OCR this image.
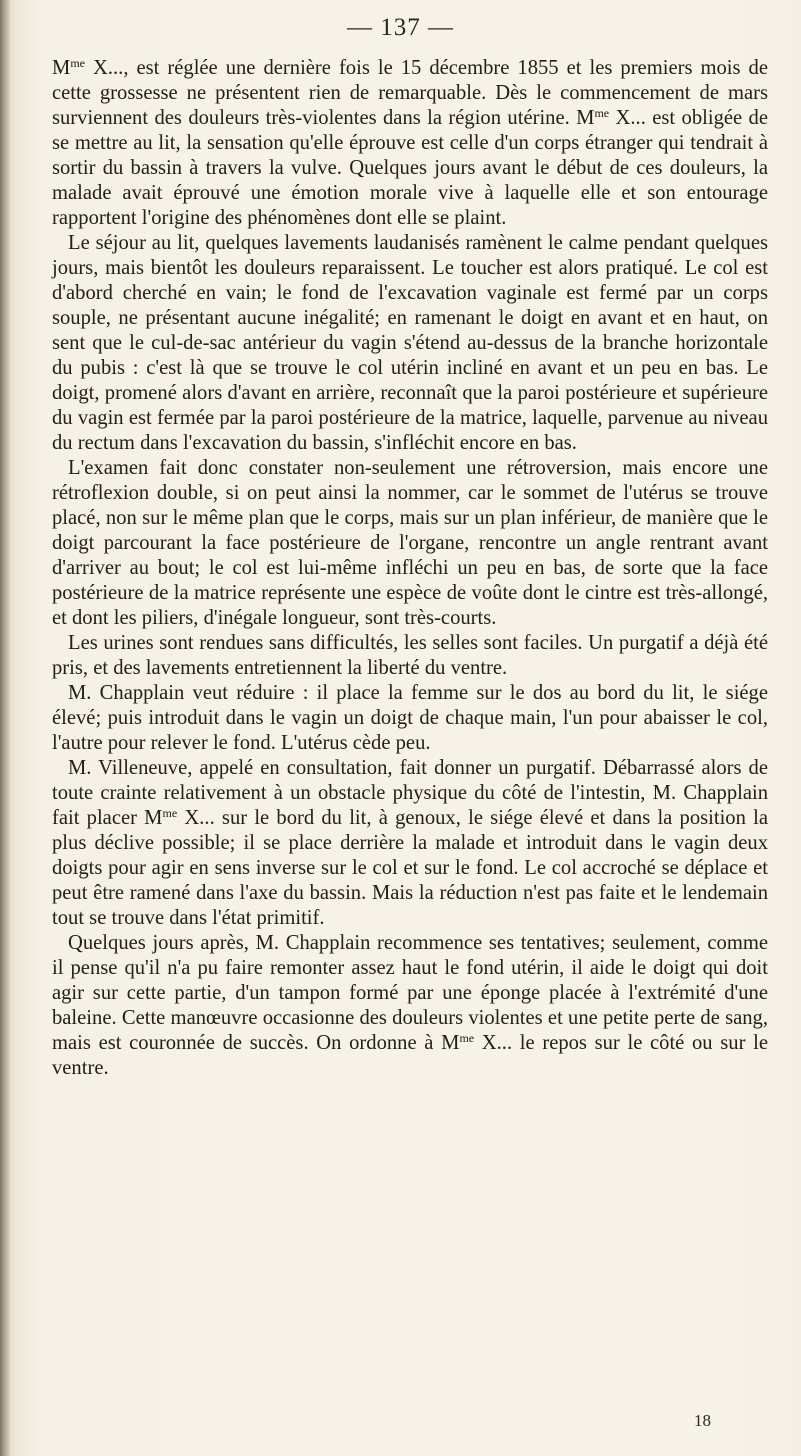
— 137 —

$M^{me}$ X..., est réglée une dernière fois le 15 décembre 1855 et les premiers mois de cette grossesse ne présentent rien de remarquable. Dès le commencement de mars surviennent des douleurs très-violentes dans la région utérine. $M^{me}$ X... est obligée de se mettre au lit, la sensation qu'elle éprouve est celle d'un corps étranger qui tendrait à sortir du bassin à travers la vulve. Quelques jours avant le début de ces douleurs, la malade avait éprouvé une émotion morale vive à laquelle elle et son entourage rapportent l'origine des phénomènes dont elle se plaint.

Le séjour au lit, quelques lavements laudanisés ramènent le calme pendant quelques jours, mais bientôt les douleurs reparaissent. Le toucher est alors pratiqué. Le col est d'abord cherché en vain; le fond de l'excavation vaginale est fermé par un corps souple, ne présentant aucune inégalité; en ramenant le doigt en avant et en haut, on sent que le cul-de-sac antérieur du vagin s'étend au-dessus de la branche horizontale du pubis : c'est là que se trouve le col utérin incliné en avant et un peu en bas. Le doigt, promené alors d'avant en arrière, reconnaît que la paroi postérieure et supérieure du vagin est fermée par la paroi postérieure de la matrice, laquelle, parvenue au niveau du rectum dans l'excavation du bassin, s'infléchit encore en bas.

L'examen fait donc constater non-seulement une rétroversion, mais encore une rétroflexion double, si on peut ainsi la nommer, car le sommet de l'utérus se trouve placé, non sur le même plan que le corps, mais sur un plan inférieur, de manière que le doigt parcourant la face postérieure de l'organe, rencontre un angle rentrant avant d'arriver au bout; le col est lui-même infléchi un peu en bas, de sorte que la face postérieure de la matrice représente une espèce de voûte dont le cintre est très-allongé, et dont les piliers, d'inégale longueur, sont très-courts.

Les urines sont rendues sans difficultés, les selles sont faciles. Un purgatif a déjà été pris, et des lavements entretiennent la liberté du ventre.

M. Chapplain veut réduire : il place la femme sur le dos au bord du lit, le siége élevé; puis introduit dans le vagin un doigt de chaque main, l'un pour abaisser le col, l'autre pour relever le fond. L'utérus cède peu.

M. Villeneuve, appelé en consultation, fait donner un purgatif. Débarrassé alors de toute crainte relativement à un obstacle physique du côté de l'intestin, M. Chapplain fait placer $M^{me}$ X... sur le bord du lit, à genoux, le siége élevé et dans la position la plus déclive possible; il se place derrière la malade et introduit dans le vagin deux doigts pour agir en sens inverse sur le col et sur le fond. Le col accroché se déplace et peut être ramené dans l'axe du bassin. Mais la réduction n'est pas faite et le lendemain tout se trouve dans l'état primitif.

Quelques jours après, M. Chapplain recommence ses tentatives; seulement, comme il pense qu'il n'a pu faire remonter assez haut le fond utérin, il aide le doigt qui doit agir sur cette partie, d'un tampon formé par une éponge placée à l'extrémité d'une baleine. Cette manœuvre occasionne des douleurs violentes et une petite perte de sang, mais est couronnée de succès. On ordonne à $M^{me}$ X... le repos sur le côté ou sur le ventre.

18
